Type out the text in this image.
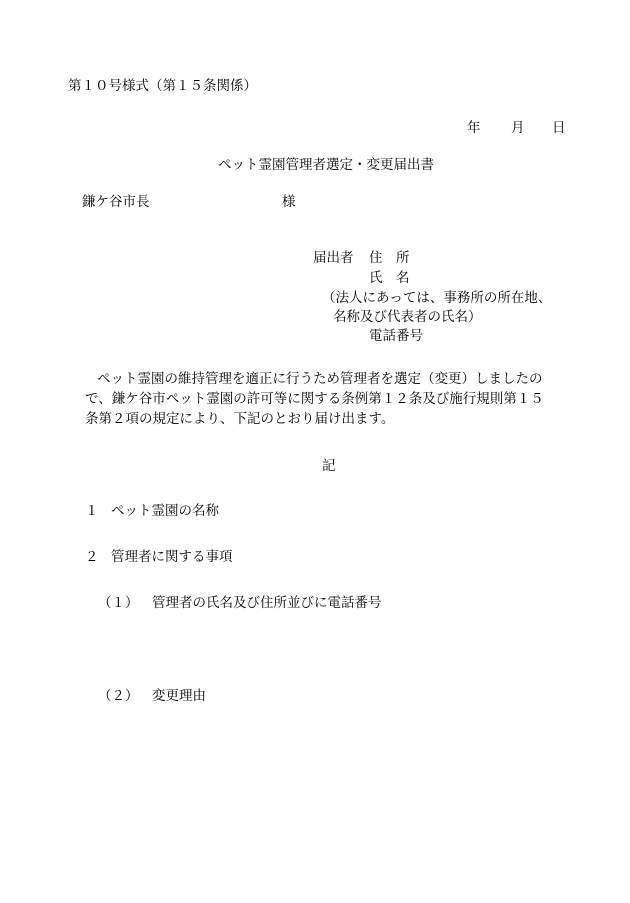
第１０号様式（第１５条関係）
年 月 日
ペット霊園管理者選定・変更届出書
鎌ケ谷市長	様
届出者 住　所
氏　名
（法人にあっては、事務所の所在地、
名称及び代表者の氏名）
電話番号
ペット霊園の維持管理を適正に行うため管理者を選定（変更）しましたの
で、鎌ケ谷市ペット霊園の許可等に関する条例第１２条及び施行規則第１５
条第２項の規定により、下記のとおり届け出ます。
記
１ ペット霊園の名称
２ 管理者に関する事項
（１） 管理者の氏名及び住所並びに電話番号
（２） 変更理由
